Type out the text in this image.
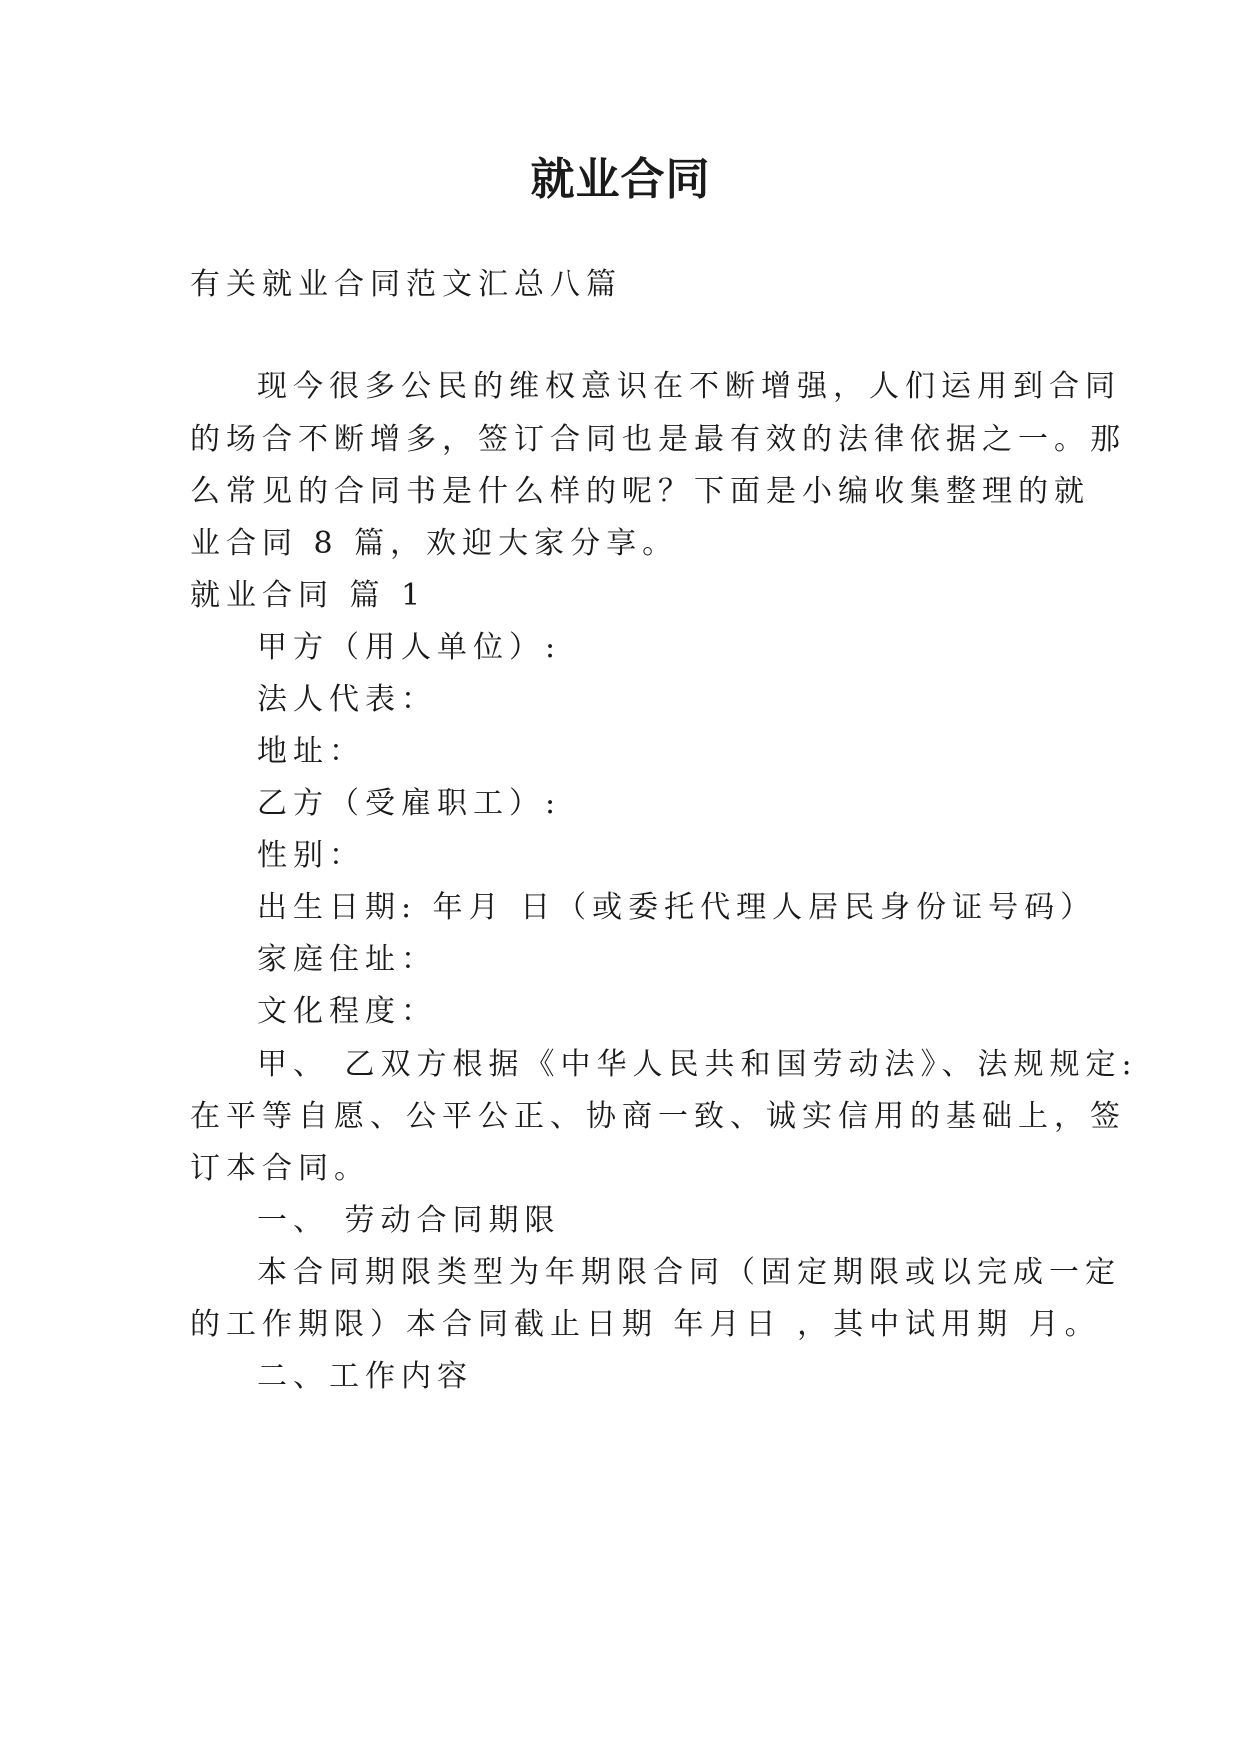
就业合同
有关就业合同范文汇总八篇
现今很多公民的维权意识在不断增强，人们运用到合同
的场合不断增多，签订合同也是最有效的法律依据之一。那
么常见的合同书是什么样的呢？下面是小编收集整理的就
业合同 8 篇，欢迎大家分享。
就业合同 篇 1
甲方（用人单位）:
法人代表：
地址：
乙方（受雇职工）:
性别：
出生日期: 年月 日（或委托代理人居民身份证号码）
家庭住址：
文化程度：
甲、 乙双方根据《中华人民共和国劳动法》、法规规定:
在平等自愿、公平公正、协商一致、诚实信用的基础上，签
订本合同。
一、 劳动合同期限
本合同期限类型为年期限合同（固定期限或以完成一定
的工作期限）本合同截止日期 年月日 ，其中试用期 月。
二、工作内容
